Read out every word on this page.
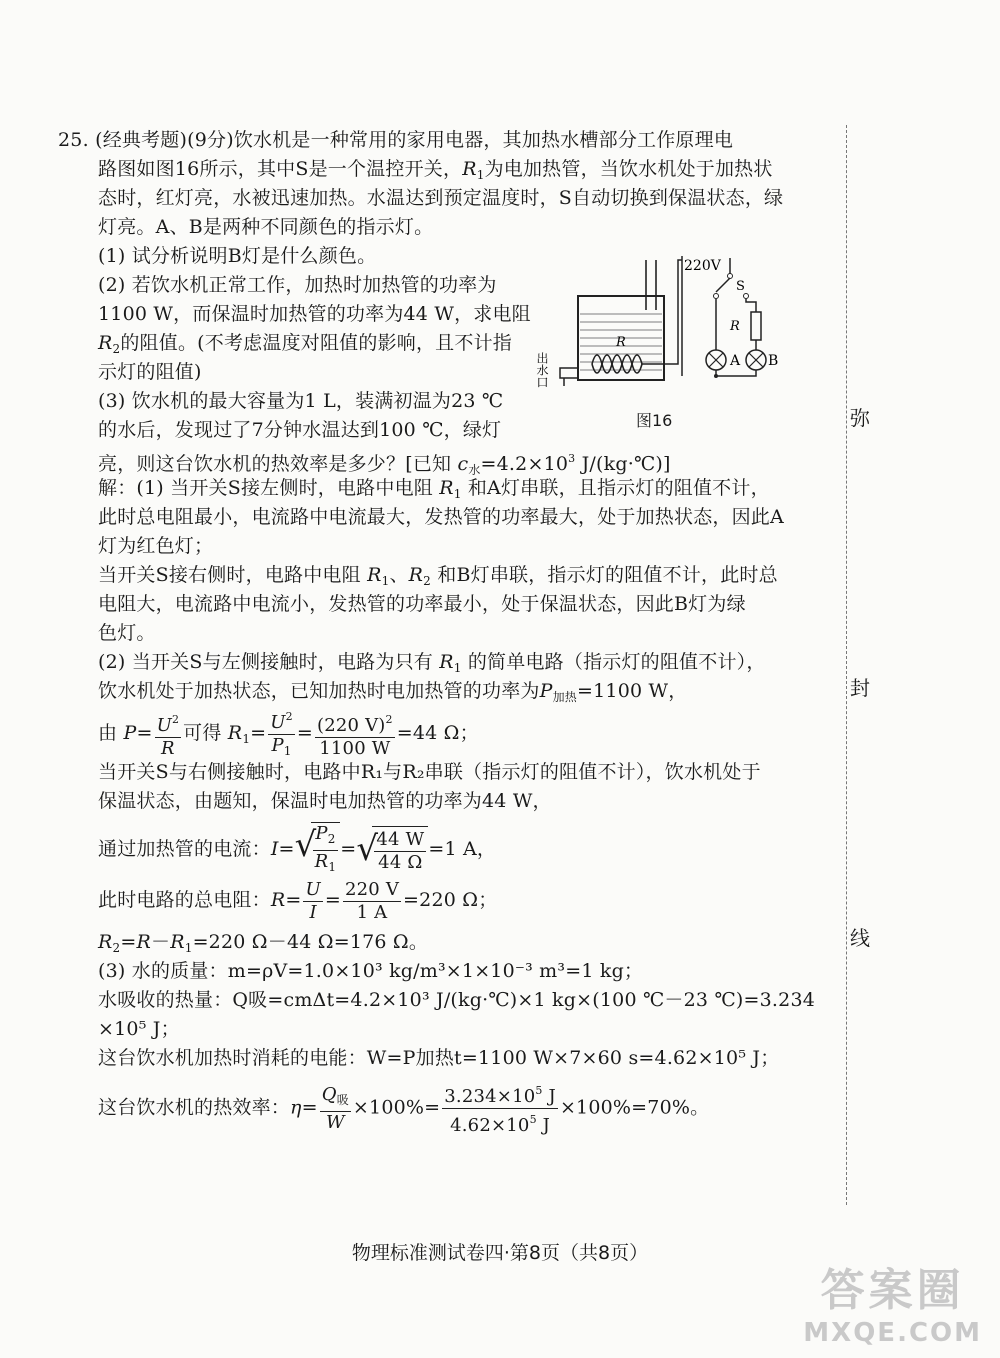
25. (经典考题)(9分)饮水机是一种常用的家用电器，其加热水槽部分工作原理电
路图如图16所示，其中S是一个温控开关，$R_1$为电加热管，当饮水机处于加热状
态时，红灯亮，水被迅速加热。水温达到预定温度时，S自动切换到保温状态，绿
灯亮。A、B是两种不同颜色的指示灯。
(1) 试分析说明B灯是什么颜色。
(2) 若饮水机正常工作，加热时加热管的功率为
1100 W，而保温时加热管的功率为44 W，求电阻
$R_2$的阻值。(不考虑温度对阻值的影响，且不计指
示灯的阻值)
(3) 饮水机的最大容量为1 L，装满初温为23 ℃
的水后，发现过了7分钟水温达到100 ℃，绿灯
亮，则这台饮水机的热效率是多少？[已知 $c_水=4.2\times 10^3$ J/(kg·℃)]
R
出水口
220V
S
R
A B
图16
解：(1) 当开关S接左侧时，电路中电阻 $R_1$ 和A灯串联，且指示灯的阻值不计，
此时总电阻最小，电流路中电流最大，发热管的功率最大，处于加热状态，因此A
灯为红色灯；
当开关S接右侧时，电路中电阻 $R_1$、$R_2$ 和B灯串联，指示灯的阻值不计，此时总
电阻大，电流路中电流小，发热管的功率最小，处于保温状态，因此B灯为绿
色灯。
(2) 当开关S与左侧接触时，电路为只有 $R_1$ 的简单电路（指示灯的阻值不计），
饮水机处于加热状态，已知加热时电加热管的功率为$P_{加热}=1100$ W，
由 $P= \frac{U^2}{R}$ 可得 $R_1= \frac{U^2}{P_1} = \frac{(220 V)^2}{1100 W} =44$ Ω；
当开关S与右侧接触时，电路中R₁与R₂串联（指示灯的阻值不计），饮水机处于
保温状态，由题知，保温时电加热管的功率为44 W，
通过加热管的电流：I= √
$\frac{P_2}{R_1}$ = √
$\frac{44 W}{44 \Omega} =1$ A，
此时电路的总电阻：$R= \frac{U}{I} = \frac{220 V}{1 A} =220$ Ω；
$R_2=R-R_1=220$ Ω－44 Ω=176 Ω。
(3) 水的质量：m=ρV=1.0×10³ kg/m³×1×10⁻³ m³=1 kg；
水吸收的热量：Q吸=cmΔt=4.2×10³ J/(kg·℃)×1 kg×(100 ℃－23 ℃)=3.234
×10⁵ J；
这台饮水机加热时消耗的电能：W=P加热t=1100 W×7×60 s=4.62×10⁵ J；
这台饮水机的热效率：$\eta= \frac{Q_吸}{W} \times 100\%= \frac{3.234\times 10^5 J}{4.62\times 10^5 J} \times 100\%=70\%$。
弥
封
线
物理标准测试卷四·第8页（共8页）
答案圈
MXQE.COM
